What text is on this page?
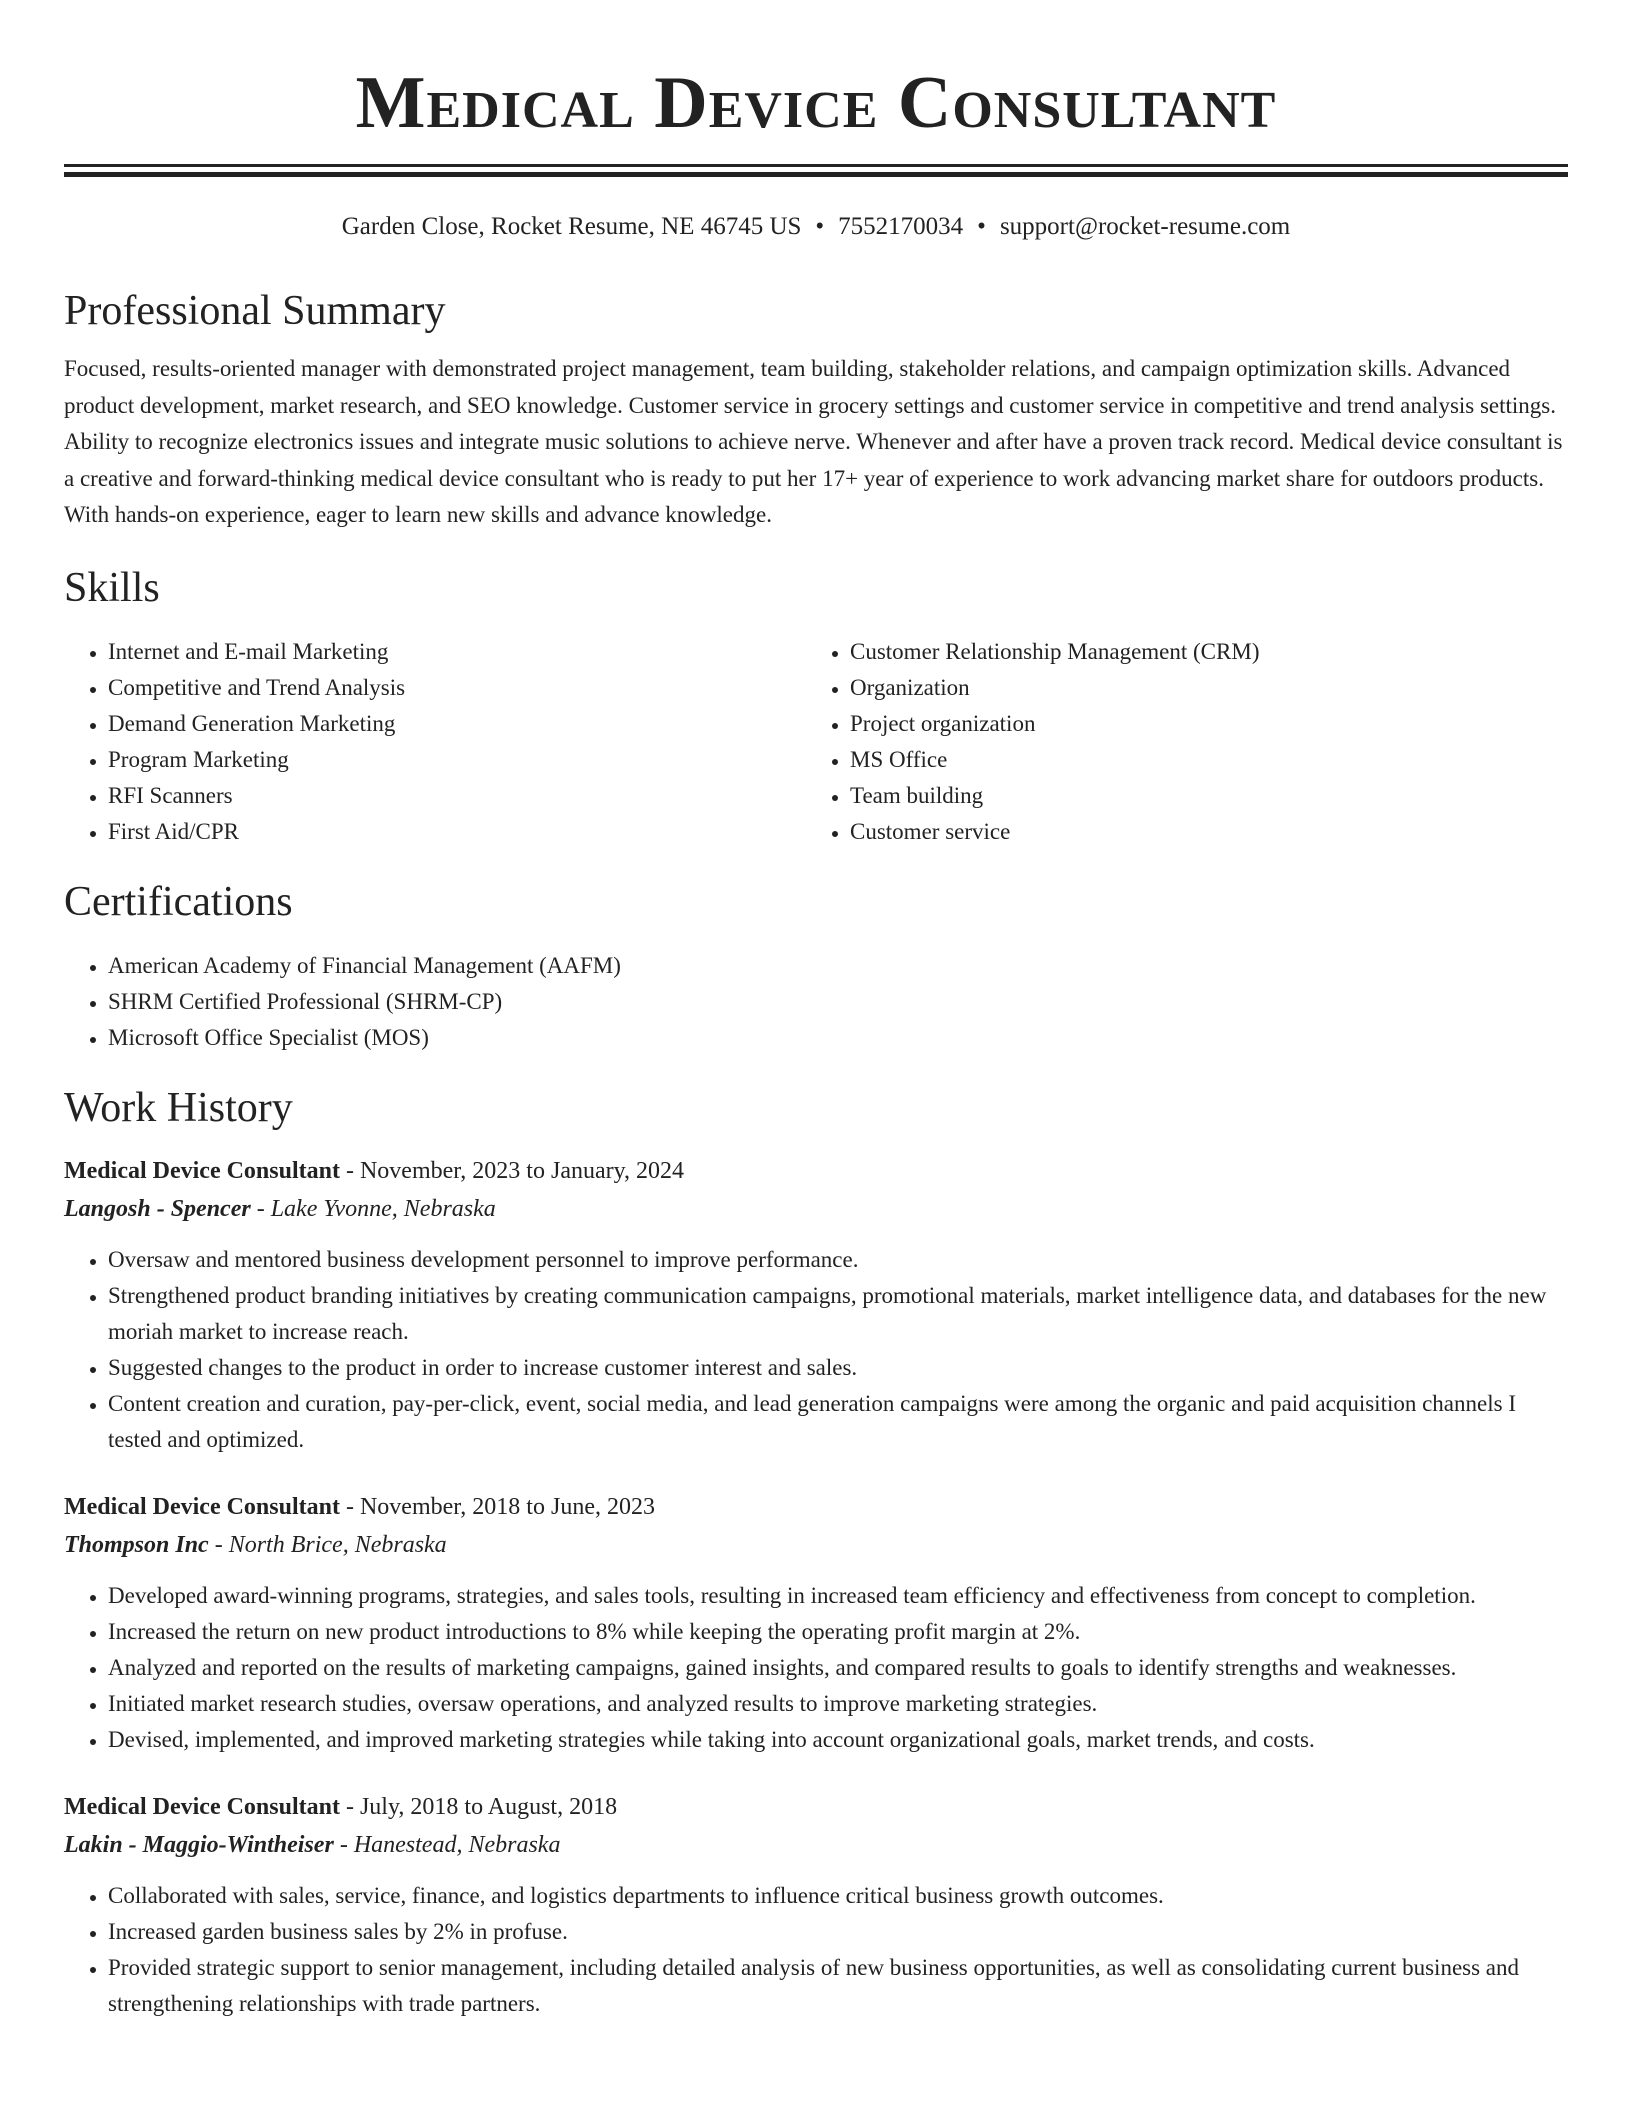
Medical Device Consultant
Garden Close, Rocket Resume, NE 46745 US • 7552170034 • support@rocket-resume.com
Professional Summary

Focused, results-oriented manager with demonstrated project management, team building, stakeholder relations, and campaign optimization skills. Advanced product development, market research, and SEO knowledge. Customer service in grocery settings and customer service in competitive and trend analysis settings. Ability to recognize electronics issues and integrate music solutions to achieve nerve. Whenever and after have a proven track record. Medical device consultant is a creative and forward-thinking medical device consultant who is ready to put her 17+ year of experience to work advancing market share for outdoors products. With hands-on experience, eager to learn new skills and advance knowledge.

Skills
• Internet and E-mail Marketing
• Competitive and Trend Analysis
• Demand Generation Marketing
• Program Marketing
• RFI Scanners
• First Aid/CPR
• Customer Relationship Management (CRM)
• Organization
• Project organization
• MS Office
• Team building
• Customer service
Certifications
• American Academy of Financial Management (AAFM)
• SHRM Certified Professional (SHRM-CP)
• Microsoft Office Specialist (MOS)
Work History
Medical Device Consultant - November, 2023 to January, 2024
Langosh - Spencer - Lake Yvonne, Nebraska
• Oversaw and mentored business development personnel to improve performance.
• Strengthened product branding initiatives by creating communication campaigns, promotional materials, market intelligence data, and databases for the new moriah market to increase reach.
• Suggested changes to the product in order to increase customer interest and sales.
• Content creation and curation, pay-per-click, event, social media, and lead generation campaigns were among the organic and paid acquisition channels I tested and optimized.
Medical Device Consultant - November, 2018 to June, 2023
Thompson Inc - North Brice, Nebraska
• Developed award-winning programs, strategies, and sales tools, resulting in increased team efficiency and effectiveness from concept to completion.
• Increased the return on new product introductions to 8% while keeping the operating profit margin at 2%.
• Analyzed and reported on the results of marketing campaigns, gained insights, and compared results to goals to identify strengths and weaknesses.
• Initiated market research studies, oversaw operations, and analyzed results to improve marketing strategies.
• Devised, implemented, and improved marketing strategies while taking into account organizational goals, market trends, and costs.
Medical Device Consultant - July, 2018 to August, 2018
Lakin - Maggio-Wintheiser - Hanestead, Nebraska
• Collaborated with sales, service, finance, and logistics departments to influence critical business growth outcomes.
• Increased garden business sales by 2% in profuse.
• Provided strategic support to senior management, including detailed analysis of new business opportunities, as well as consolidating current business and strengthening relationships with trade partners.
